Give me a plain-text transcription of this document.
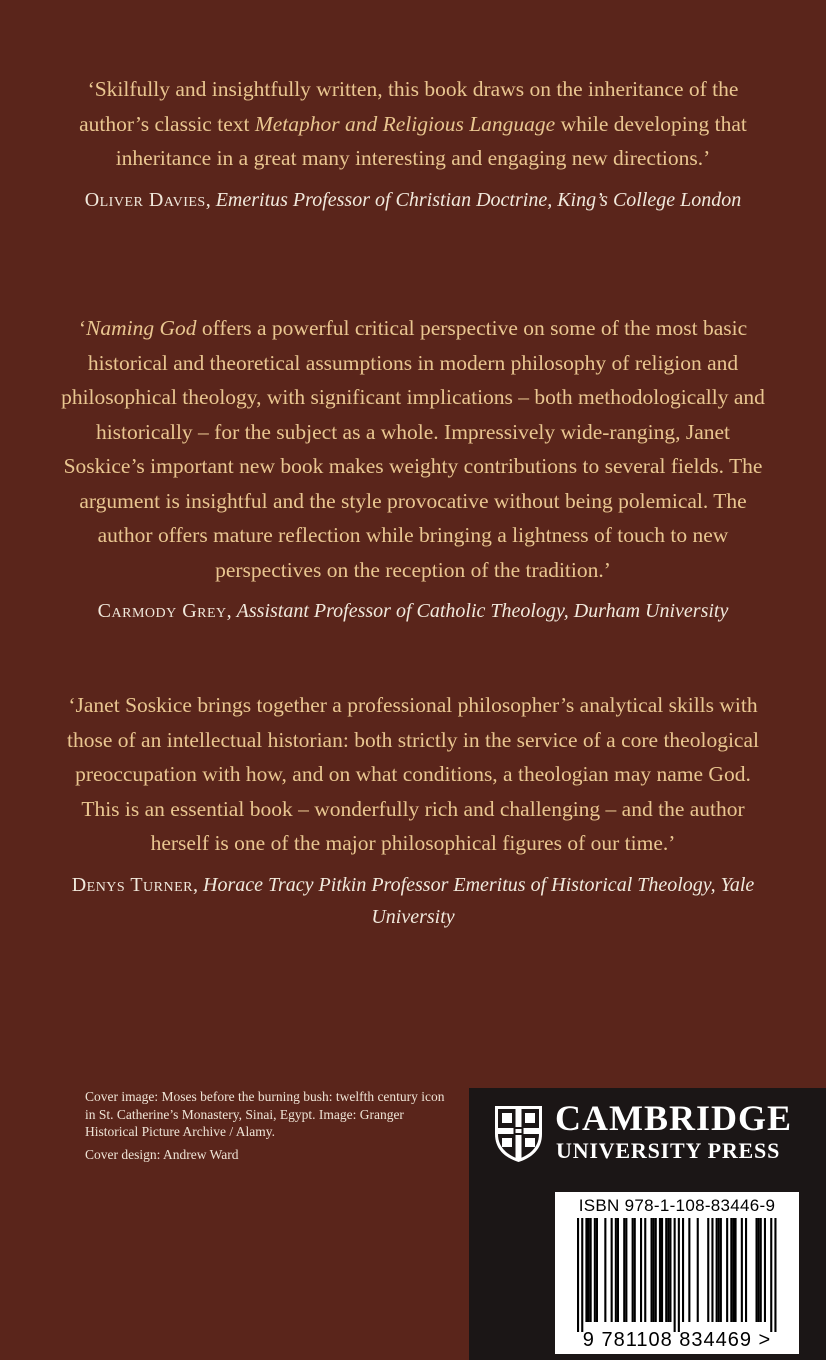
‘Skilfully and insightfully written, this book draws on the inheritance of the author’s classic text Metaphor and Religious Language while developing that inheritance in a great many interesting and engaging new directions.’

Oliver Davies, Emeritus Professor of Christian Doctrine, King’s College London

‘Naming God offers a powerful critical perspective on some of the most basic historical and theoretical assumptions in modern philosophy of religion and philosophical theology, with significant implications – both methodologically and historically – for the subject as a whole. Impressively wide-ranging, Janet Soskice’s important new book makes weighty contributions to several fields. The argument is insightful and the style provocative without being polemical. The author offers mature reflection while bringing a lightness of touch to new perspectives on the reception of the tradition.’

Carmody Grey, Assistant Professor of Catholic Theology, Durham University

‘Janet Soskice brings together a professional philosopher’s analytical skills with those of an intellectual historian: both strictly in the service of a core theological preoccupation with how, and on what conditions, a theologian may name God. This is an essential book – wonderfully rich and challenging – and the author herself is one of the major philosophical figures of our time.’

Denys Turner, Horace Tracy Pitkin Professor Emeritus of Historical Theology, Yale University

Cover image: Moses before the burning bush: twelfth century icon in St. Catherine’s Monastery, Sinai, Egypt. Image: Granger Historical Picture Archive / Alamy.

Cover design: Andrew Ward

CAMBRIDGE
UNIVERSITY PRESS
9 781108 834469 >
ISBN 978-1-108-83446-9
